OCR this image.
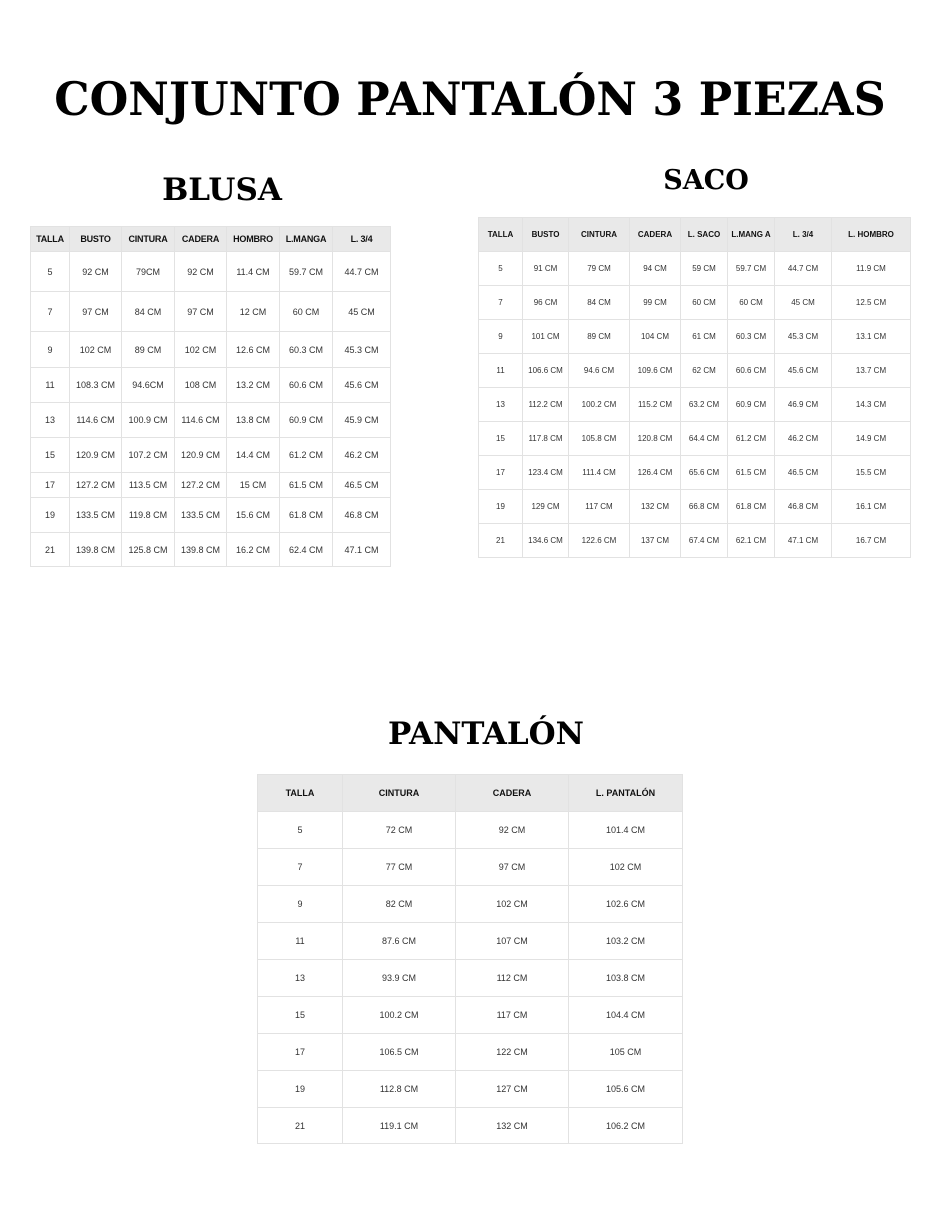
CONJUNTO PANTALÓN 3 PIEZAS
BLUSA
TALLA	BUSTO	CINTURA	CADERA	HOMBRO	L.MANGA	L. 3/4
5	92 CM	79CM	92 CM	11.4 CM	59.7 CM	44.7 CM
7	97 CM	84 CM	97 CM	12 CM	60 CM	45 CM
9	102 CM	89 CM	102 CM	12.6 CM	60.3 CM	45.3 CM
11	108.3 CM	94.6CM	108 CM	13.2 CM	60.6 CM	45.6 CM
13	114.6 CM	100.9 CM	114.6 CM	13.8 CM	60.9 CM	45.9 CM
15	120.9 CM	107.2 CM	120.9 CM	14.4 CM	61.2 CM	46.2 CM
17	127.2 CM	113.5 CM	127.2 CM	15 CM	61.5 CM	46.5 CM
19	133.5 CM	119.8 CM	133.5 CM	15.6 CM	61.8 CM	46.8 CM
21	139.8 CM	125.8 CM	139.8 CM	16.2 CM	62.4 CM	47.1 CM
SACO
TALLA	BUSTO	CINTURA	CADERA	L. SACO	L.MANG A	L. 3/4	L. HOMBRO
5	91 CM	79 CM	94 CM	59 CM	59.7 CM	44.7 CM	11.9 CM
7	96 CM	84 CM	99 CM	60 CM	60 CM	45 CM	12.5 CM
9	101 CM	89 CM	104 CM	61 CM	60.3 CM	45.3 CM	13.1 CM
11	106.6 CM	94.6 CM	109.6 CM	62 CM	60.6 CM	45.6 CM	13.7 CM
13	112.2 CM	100.2 CM	115.2 CM	63.2 CM	60.9 CM	46.9 CM	14.3 CM
15	117.8 CM	105.8 CM	120.8 CM	64.4 CM	61.2 CM	46.2 CM	14.9 CM
17	123.4 CM	111.4 CM	126.4 CM	65.6 CM	61.5 CM	46.5 CM	15.5 CM
19	129 CM	117 CM	132 CM	66.8 CM	61.8 CM	46.8 CM	16.1 CM
21	134.6 CM	122.6 CM	137 CM	67.4 CM	62.1 CM	47.1 CM	16.7 CM
PANTALÓN
TALLA	CINTURA	CADERA	L. PANTALÓN
5	72 CM	92 CM	101.4 CM
7	77 CM	97 CM	102 CM
9	82 CM	102 CM	102.6 CM
11	87.6 CM	107 CM	103.2 CM
13	93.9 CM	112 CM	103.8 CM
15	100.2 CM	117 CM	104.4 CM
17	106.5 CM	122 CM	105 CM
19	112.8 CM	127 CM	105.6 CM
21	119.1 CM	132 CM	106.2 CM
